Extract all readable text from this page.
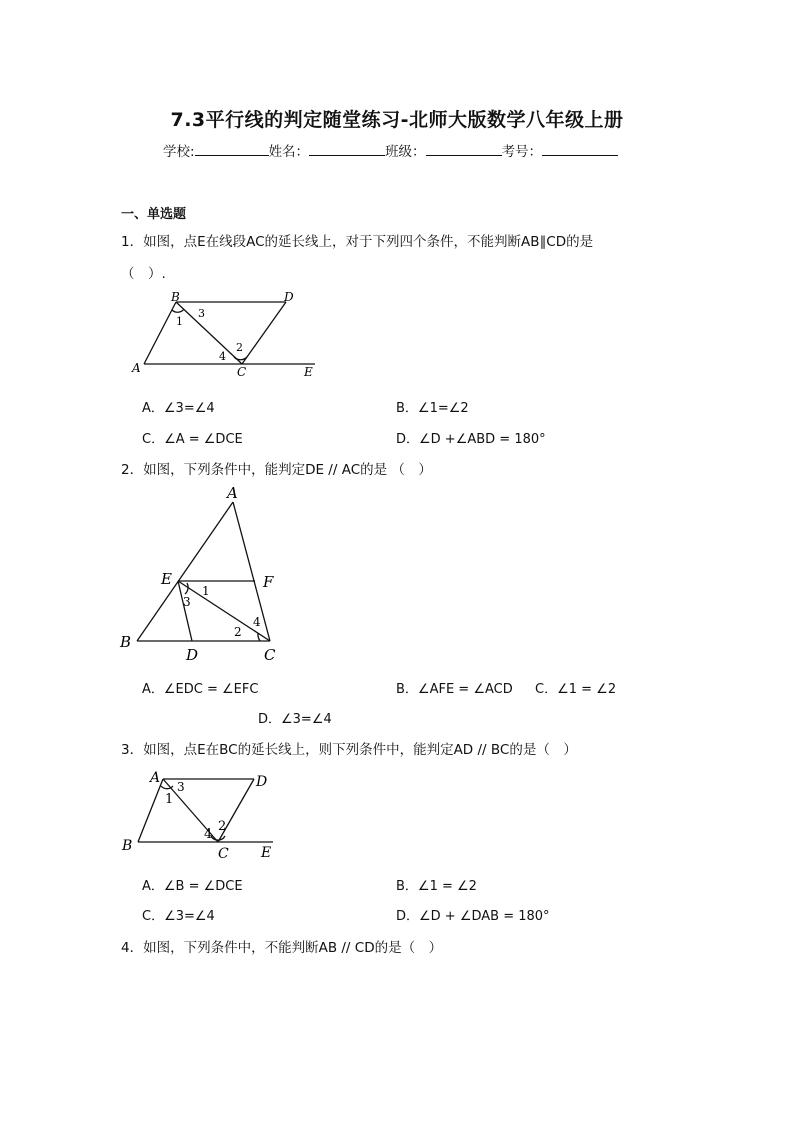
7.3平行线的判定随堂练习-北师大版数学八年级上册
学校:	姓名：	班级：	考号：
一、单选题
1．如图，点E在线段AC的延长线上，对于下列四个条件，不能判断AB∥CD的是
（　）.
B	D
A	C	E
1
3
2
4
A．∠3=∠4	B．∠1=∠2
C．∠A = ∠DCE	D．∠D +∠ABD = 180°
2．如图，下列条件中，能判定DE // AC的是 （　）
A
E	F
B
D	C
1
3
2
4
A．∠EDC = ∠EFC	B．∠AFE = ∠ACD C．∠1 = ∠2
D．∠3=∠4
3．如图，点E在BC的延长线上，则下列条件中，能判定AD // BC的是（　）
A	D
B	C E
3
1
4
2
A．∠B = ∠DCE	B．∠1 = ∠2
C．∠3=∠4	D．∠D + ∠DAB = 180°
4．如图，下列条件中，不能判断AB // CD的是（　）
